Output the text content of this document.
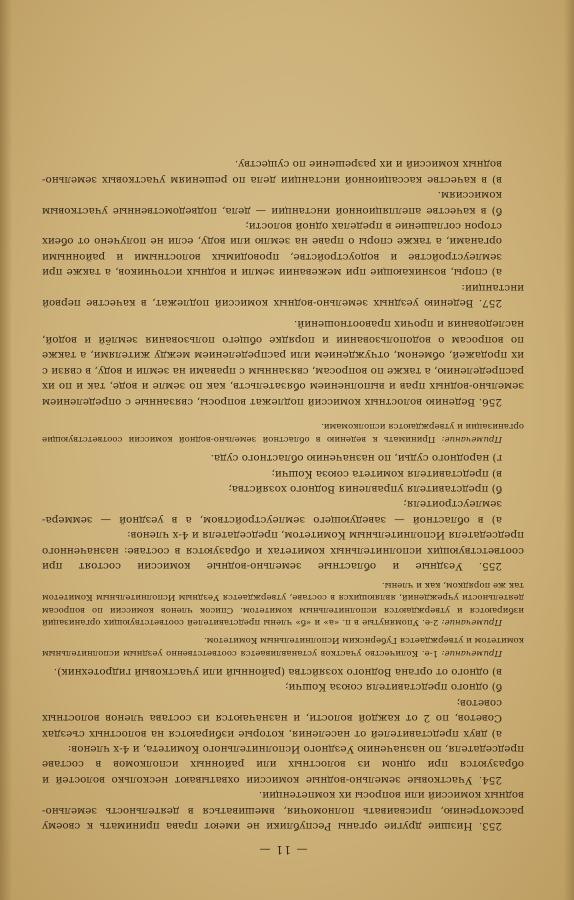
— 11 —

253. Низшие другие органы Республики не имеют права принимать к своему рассмотрению, присваивать полномочия, вмешиваться в деятельность земельно-водных комиссий или вопросы их компетенции.

254. Участковые земельно-водные комиссии охватывают несколько волостей и образуются при одном из волостных или районных исполкомов в составе председателя, по назначению Уездного Исполнительного Комитета, и 4-х членов:

а) двух представителей от населения, которые избираются на волостных съездах Советов, по 2 от каждой волости, и назначаются из состава членов волостных советов;

б) одного представителя союза Кошчи;

в) одного от органа Водного хозяйства (районный или участковый гидротехник).

Примечание: 1-е. Количество участков устанавливается соответственно уездным исполнительным комитетом и утверждается Губернским Исполнительным Комитетом.

Примечание: 2-е. Упомянутые в п. «а» и «б» члены представителей соответствующих организаций избираются и утверждаются исполнительным комитетом. Список членов комиссии по вопросам деятельности учреждений, являющихся в составе, утверждается Уездным Исполнительным Комитетом так же порядком, как и члены.

255. Уездные и областные земельно-водные комиссии состоят при соответствующих исполнительных комитетах и образуются в составе: назначенного председателя Исполнительным Комитетом, председателя и 4-х членов:

а) в областной — заведующего землеустройством, а в уездной — земмера-землеустроителя;

б) представителя управления Водного хозяйства;

в) представителя комитета союза Кошчи;

г) народного судьи, по назначению областного суда.

Примечание: Принимать к ведению в областной земельно-водной комиссии соответствующие организации и утверждаются исполкомами.

256. Ведению волостных комиссий подлежат вопросы, связанные с определением земельно-водных прав и выполнением обязательств, как по земле и воде, так и по их распределению, а также по вопросам, связанным с правами на земли и воду, в связи с их продажей, обменом, отчуждением или распределением между жителями, а также по вопросам о водопользовании и порядке общего пользования землёй и водой, наследования и прочих правоотношений.

257. Ведению уездных земельно-водных комиссий подлежат, в качестве первой инстанции:

а) споры, возникающие при межевании земли и водных источников, а также при землеустройстве и водоустройстве, проводимых волостными и районными органами, а также споры о праве на землю или воду, если не получено от обеих сторон соглашение в пределах одной волости;

б) в качестве апелляционной инстанции — дела, подведомственные участковым комиссиям.

в) в качестве кассационной инстанции дела по решениям участковых земельно-водных комиссий и их разрешение по существу.
